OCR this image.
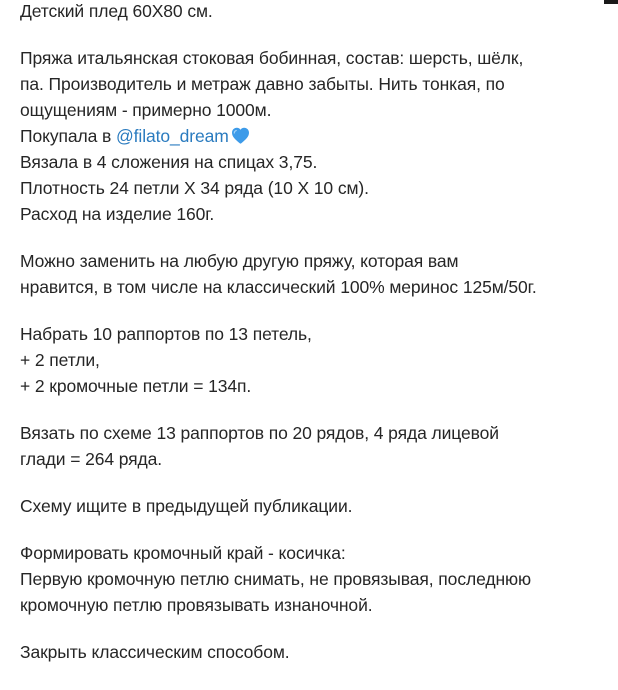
Детский плед 60Х80 см.
Пряжа итальянская стоковая бобинная, состав: шерсть, шёлк,
па. Производитель и метраж давно забыты. Нить тонкая, по
ощущениям - примерно 1000м.
Покупала в @filato_dream
Вязала в 4 сложения на спицах 3,75.
Плотность 24 петли Х 34 ряда (10 Х 10 см).
Расход на изделие 160г.
Можно заменить на любую другую пряжу, которая вам
нравится, в том числе на классический 100% меринос 125м/50г.
Набрать 10 раппортов по 13 петель,
+ 2 петли,
+ 2 кромочные петли = 134п.
Вязать по схеме 13 раппортов по 20 рядов, 4 ряда лицевой
глади = 264 ряда.
Схему ищите в предыдущей публикации.
Формировать кромочный край - косичка:
Первую кромочную петлю снимать, не провязывая, последнюю
кромочную петлю провязывать изнаночной.
Закрыть классическим способом.
